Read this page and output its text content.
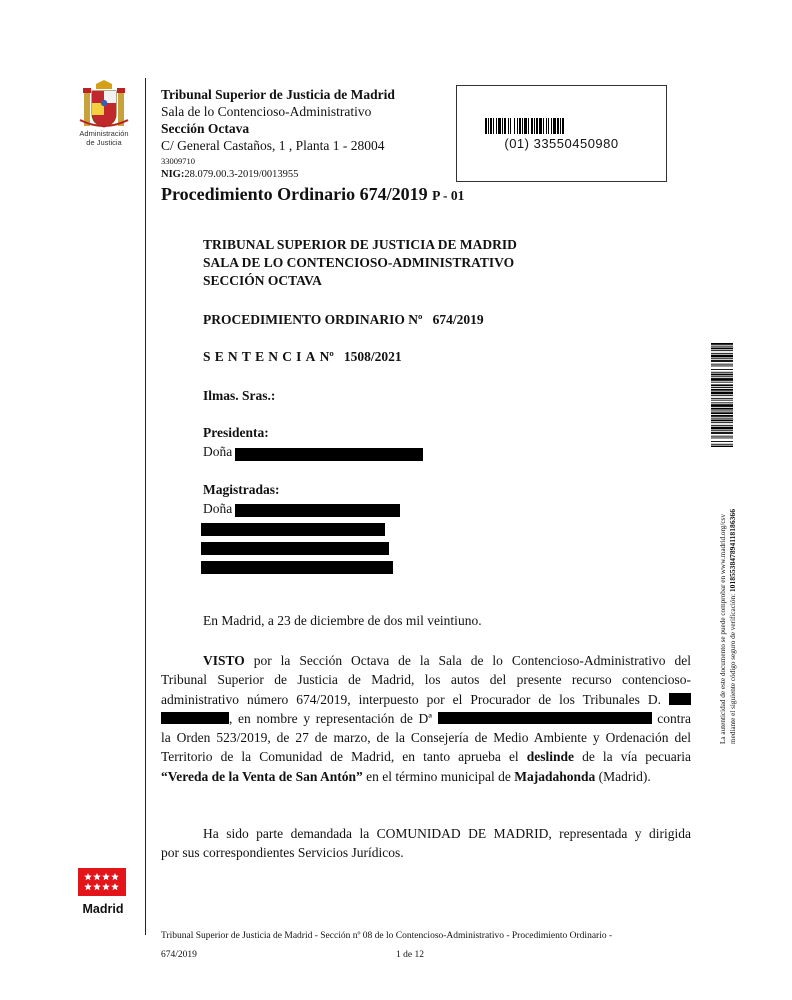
Administración
de Justicia
Tribunal Superior de Justicia de Madrid
Sala de lo Contencioso-Administrativo
Sección Octava
C/ General Castaños, 1 , Planta 1 - 28004
33009710
NIG:28.079.00.3-2019/0013955
Procedimiento Ordinario 674/2019 P - 01
(01) 33550450980
La autenticidad de este documento se puede comprobar en www.madrid.org/csv mediante el siguiente código seguro de verificación: 1018553847894118186366
TRIBUNAL SUPERIOR DE JUSTICIA DE MADRID
SALA DE LO CONTENCIOSO-ADMINISTRATIVO
SECCIÓN OCTAVA
PROCEDIMIENTO ORDINARIO Nº   674/2019
SENTENCIANº   1508/2021
Ilmas. Sras.:
Presidenta:
Doña
Magistradas:
Doña
En Madrid, a 23 de diciembre de dos mil veintiuno.
VISTO por la Sección Octava de la Sala de lo Contencioso-Administrativo del
Tribunal Superior de Justicia de Madrid, los autos del presente recurso contencioso-
administrativo número 674/2019, interpuesto por el Procurador de los Tribunales D.
, en nombre y representación de Dª	contra
la Orden 523/2019, de 27 de marzo, de la Consejería de Medio Ambiente y Ordenación del
Territorio de la Comunidad de Madrid, en tanto aprueba el deslinde de la vía pecuaria
“Vereda de la Venta de San Antón” en el término municipal de Majadahonda (Madrid).
Ha sido parte demandada la COMUNIDAD DE MADRID, representada y dirigida
por sus correspondientes Servicios Jurídicos.
Madrid
Tribunal Superior de Justicia de Madrid - Sección nº 08 de lo Contencioso-Administrativo - Procedimiento Ordinario -
674/2019	1 de 12
